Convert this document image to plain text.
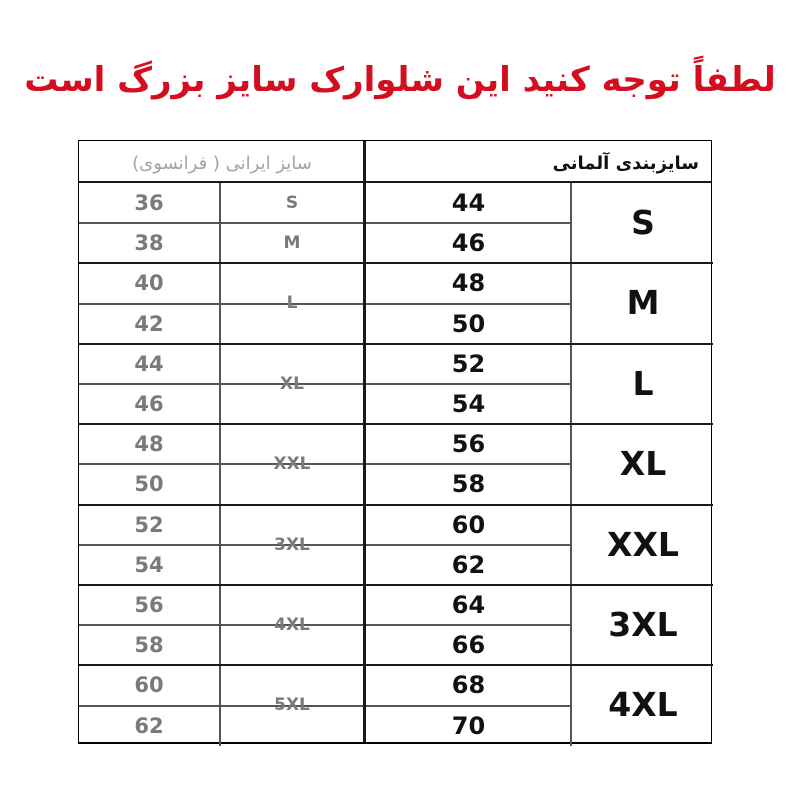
لطفاً توجه کنید این شلوارک سایز بزرگ است
سایز ایرانی ( فرانسوی)	سایزبندی آلمانی
36
38
40
42
44
46
48
50
52
54
56
58
60
62
S
M
L
XL
XXL
3XL
4XL
5XL
44
46
48
50
52
54
56
58
60
62
64
66
68
70
S
M
L
XL
XXL
3XL
4XL
